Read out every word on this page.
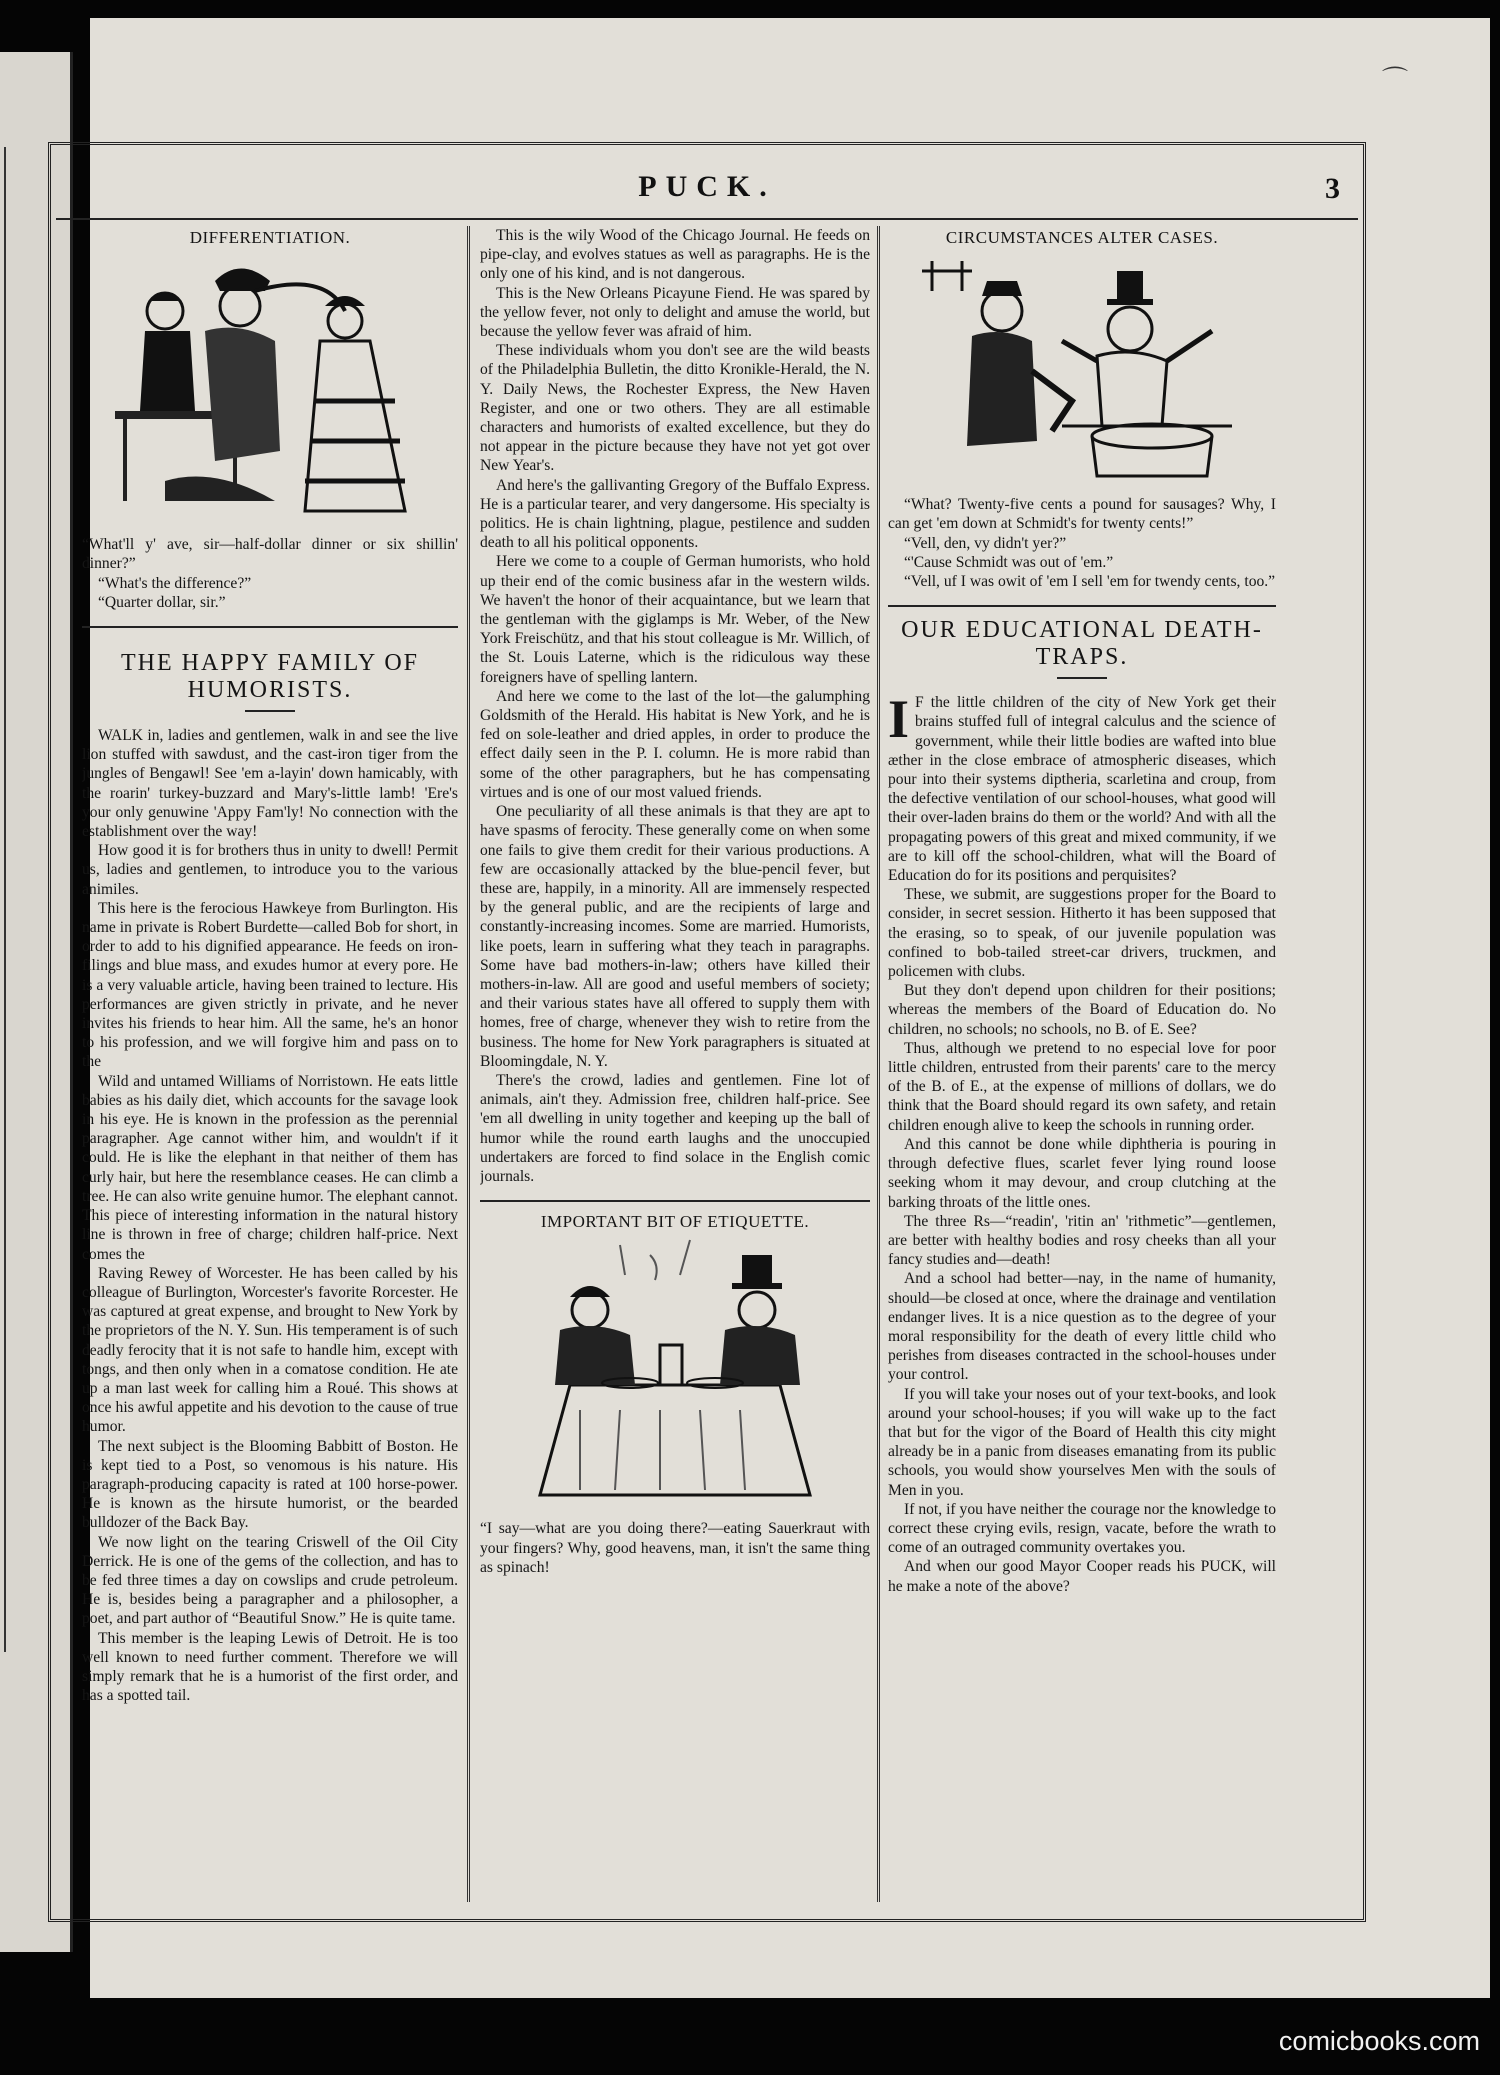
⌒
PUCK.	3
DIFFERENTIATION.

“What'll y' ave, sir—half-dollar dinner or six shillin' dinner?”

“What's the difference?”

“Quarter dollar, sir.”

THE HAPPY FAMILY OF HUMORISTS.

WALK in, ladies and gentlemen, walk in and see the live lion stuffed with sawdust, and the cast-iron tiger from the jungles of Bengawl! See 'em a-layin' down hamicably, with the roarin' turkey-buzzard and Mary's-little lamb! 'Ere's your only genuwine 'Appy Fam'ly! No connection with the establishment over the way!

How good it is for brothers thus in unity to dwell! Permit us, ladies and gentlemen, to introduce you to the various animiles.

This here is the ferocious Hawkeye from Burlington. His name in private is Robert Burdette—called Bob for short, in order to add to his dignified appearance. He feeds on iron-filings and blue mass, and exudes humor at every pore. He is a very valuable article, having been trained to lecture. His performances are given strictly in private, and he never invites his friends to hear him. All the same, he's an honor to his profession, and we will forgive him and pass on to the

Wild and untamed Williams of Norristown. He eats little babies as his daily diet, which accounts for the savage look in his eye. He is known in the profession as the perennial paragrapher. Age cannot wither him, and wouldn't if it could. He is like the elephant in that neither of them has curly hair, but here the resemblance ceases. He can climb a tree. He can also write genuine humor. The elephant cannot. This piece of interesting information in the natural history line is thrown in free of charge; children half-price. Next comes the

Raving Rewey of Worcester. He has been called by his colleague of Burlington, Worcester's favorite Rorcester. He was captured at great expense, and brought to New York by the proprietors of the N. Y. Sun. His temperament is of such deadly ferocity that it is not safe to handle him, except with tongs, and then only when in a comatose condition. He ate up a man last week for calling him a Roué. This shows at once his awful appetite and his devotion to the cause of true humor.

The next subject is the Blooming Babbitt of Boston. He is kept tied to a Post, so venomous is his nature. His paragraph-producing capacity is rated at 100 horse-power. He is known as the hirsute humorist, or the bearded bulldozer of the Back Bay.

We now light on the tearing Criswell of the Oil City Derrick. He is one of the gems of the collection, and has to be fed three times a day on cowslips and crude petroleum. He is, besides being a paragrapher and a philosopher, a poet, and part author of “Beautiful Snow.” He is quite tame.

This member is the leaping Lewis of Detroit. He is too well known to need further comment. Therefore we will simply remark that he is a humorist of the first order, and has a spotted tail.

This is the wily Wood of the Chicago Journal. He feeds on pipe-clay, and evolves statues as well as paragraphs. He is the only one of his kind, and is not dangerous.

This is the New Orleans Picayune Fiend. He was spared by the yellow fever, not only to delight and amuse the world, but because the yellow fever was afraid of him.

These individuals whom you don't see are the wild beasts of the Philadelphia Bulletin, the ditto Kronikle-Herald, the N. Y. Daily News, the Rochester Express, the New Haven Register, and one or two others. They are all estimable characters and humorists of exalted excellence, but they do not appear in the picture because they have not yet got over New Year's.

And here's the gallivanting Gregory of the Buffalo Express. He is a particular tearer, and very dangersome. His specialty is politics. He is chain lightning, plague, pestilence and sudden death to all his political opponents.

Here we come to a couple of German humorists, who hold up their end of the comic business afar in the western wilds. We haven't the honor of their acquaintance, but we learn that the gentleman with the giglamps is Mr. Weber, of the New York Freischütz, and that his stout colleague is Mr. Willich, of the St. Louis Laterne, which is the ridiculous way these foreigners have of spelling lantern.

And here we come to the last of the lot—the galumphing Goldsmith of the Herald. His habitat is New York, and he is fed on sole-leather and dried apples, in order to produce the effect daily seen in the P. I. column. He is more rabid than some of the other paragraphers, but he has compensating virtues and is one of our most valued friends.

One peculiarity of all these animals is that they are apt to have spasms of ferocity. These generally come on when some one fails to give them credit for their various productions. A few are occasionally attacked by the blue-pencil fever, but these are, happily, in a minority. All are immensely respected by the general public, and are the recipients of large and constantly-increasing incomes. Some are married. Humorists, like poets, learn in suffering what they teach in paragraphs. Some have bad mothers-in-law; others have killed their mothers-in-law. All are good and useful members of society; and their various states have all offered to supply them with homes, free of charge, whenever they wish to retire from the business. The home for New York paragraphers is situated at Bloomingdale, N. Y.

There's the crowd, ladies and gentlemen. Fine lot of animals, ain't they. Admission free, children half-price. See 'em all dwelling in unity together and keeping up the ball of humor while the round earth laughs and the unoccupied undertakers are forced to find solace in the English comic journals.

IMPORTANT BIT OF ETIQUETTE.

“I say—what are you doing there?—eating Sauerkraut with your fingers? Why, good heavens, man, it isn't the same thing as spinach!

CIRCUMSTANCES ALTER CASES.

“What? Twenty-five cents a pound for sausages? Why, I can get 'em down at Schmidt's for twenty cents!”

“Vell, den, vy didn't yer?”

“'Cause Schmidt was out of 'em.”

“Vell, uf I was owit of 'em I sell 'em for twendy cents, too.”

OUR EDUCATIONAL DEATH-TRAPS.

I F the little children of the city of New York get their brains stuffed full of integral calculus and the science of government, while their little bodies are wafted into blue æther in the close embrace of atmospheric diseases, which pour into their systems diptheria, scarletina and croup, from the defective ventilation of our school-houses, what good will their over-laden brains do them or the world? And with all the propagating powers of this great and mixed community, if we are to kill off the school-children, what will the Board of Education do for its positions and perquisites?

These, we submit, are suggestions proper for the Board to consider, in secret session. Hitherto it has been supposed that the erasing, so to speak, of our juvenile population was confined to bob-tailed street-car drivers, truckmen, and policemen with clubs.

But they don't depend upon children for their positions; whereas the members of the Board of Education do. No children, no schools; no schools, no B. of E. See?

Thus, although we pretend to no especial love for poor little children, entrusted from their parents' care to the mercy of the B. of E., at the expense of millions of dollars, we do think that the Board should regard its own safety, and retain children enough alive to keep the schools in running order.

And this cannot be done while diphtheria is pouring in through defective flues, scarlet fever lying round loose seeking whom it may devour, and croup clutching at the barking throats of the little ones.

The three Rs—“readin', 'ritin an' 'rithmetic”—gentlemen, are better with healthy bodies and rosy cheeks than all your fancy studies and—death!

And a school had better—nay, in the name of humanity, should—be closed at once, where the drainage and ventilation endanger lives. It is a nice question as to the degree of your moral responsibility for the death of every little child who perishes from diseases contracted in the school-houses under your control.

If you will take your noses out of your text-books, and look around your school-houses; if you will wake up to the fact that but for the vigor of the Board of Health this city might already be in a panic from diseases emanating from its public schools, you would show yourselves Men with the souls of Men in you.

If not, if you have neither the courage nor the knowledge to correct these crying evils, resign, vacate, before the wrath to come of an outraged community overtakes you.

And when our good Mayor Cooper reads his PUCK, will he make a note of the above?

comicbooks.com
